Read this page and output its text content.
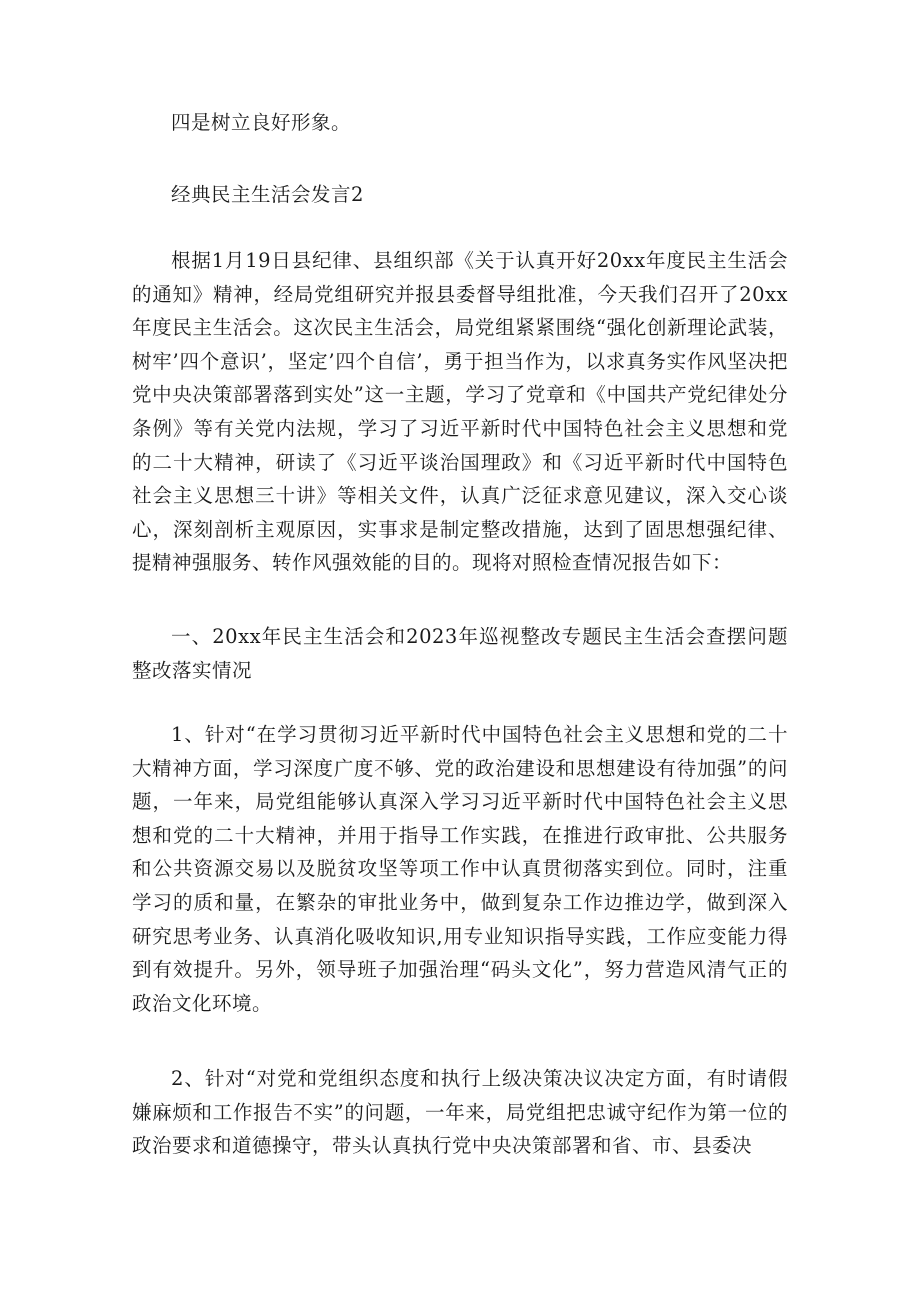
四是树立良好形象。

经典民主生活会发言2

根据1月19日县纪律、县组织部《关于认真开好20xx年度民主生活会的通知》精神，经局党组研究并报县委督导组批准，今天我们召开了20xx年度民主生活会。这次民主生活会，局党组紧紧围绕“强化创新理论武装，树牢’四个意识’，坚定’四个自信’，勇于担当作为，以求真务实作风坚决把党中央决策部署落到实处”这一主题，学习了党章和《中国共产党纪律处分条例》等有关党内法规，学习了习近平新时代中国特色社会主义思想和党的二十大精神，研读了《习近平谈治国理政》和《习近平新时代中国特色社会主义思想三十讲》等相关文件，认真广泛征求意见建议，深入交心谈心，深刻剖析主观原因，实事求是制定整改措施，达到了固思想强纪律、提精神强服务、转作风强效能的目的。现将对照检查情况报告如下：

一、20xx年民主生活会和2023年巡视整改专题民主生活会查摆问题整改落实情况

1、针对“在学习贯彻习近平新时代中国特色社会主义思想和党的二十大精神方面，学习深度广度不够、党的政治建设和思想建设有待加强”的问题，一年来，局党组能够认真深入学习习近平新时代中国特色社会主义思想和党的二十大精神，并用于指导工作实践，在推进行政审批、公共服务和公共资源交易以及脱贫攻坚等项工作中认真贯彻落实到位。同时，注重学习的质和量，在繁杂的审批业务中，做到复杂工作边推边学，做到深入研究思考业务、认真消化吸收知识,用专业知识指导实践，工作应变能力得到有效提升。另外，领导班子加强治理“码头文化”，努力营造风清气正的政治文化环境。

2、针对“对党和党组织态度和执行上级决策决议决定方面，有时请假嫌麻烦和工作报告不实”的问题，一年来，局党组把忠诚守纪作为第一位的政治要求和道德操守，带头认真执行党中央决策部署和省、市、县委决
